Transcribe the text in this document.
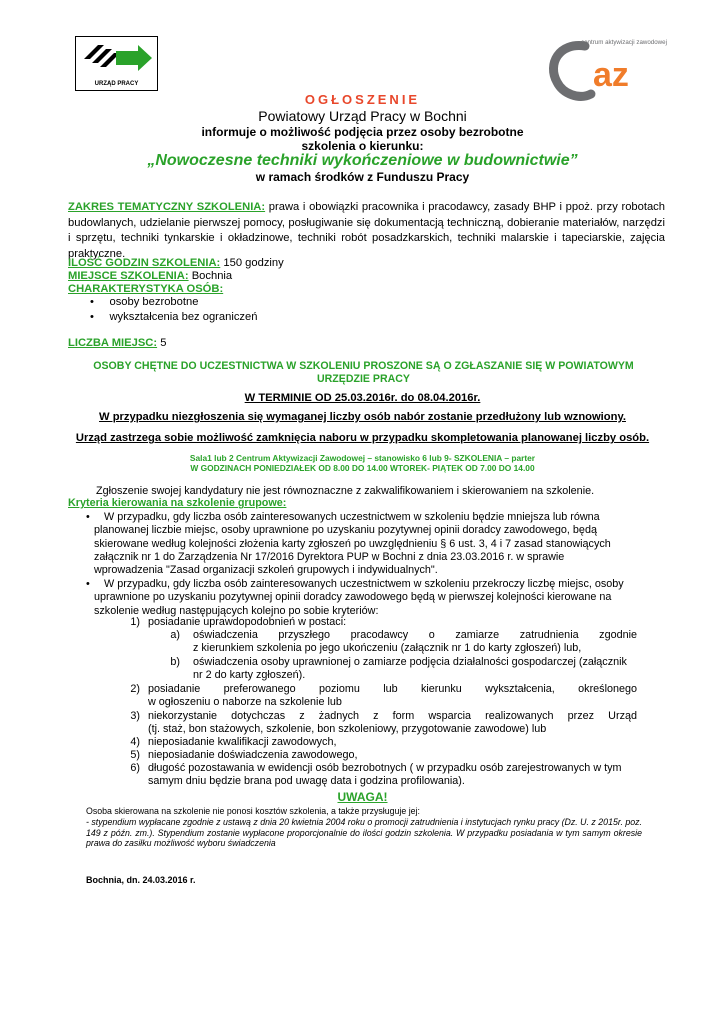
URZĄD PRACY	az
centrum aktywizacji zawodowej
OGŁOSZENIE
Powiatowy Urząd Pracy w Bochni
informuje o możliwość podjęcia przez osoby bezrobotne
szkolenia o kierunku:
„Nowoczesne techniki wykończeniowe w budownictwie”
w ramach środków z Funduszu Pracy
ZAKRES TEMATYCZNY SZKOLENIA: prawa i obowiązki pracownika i pracodawcy, zasady BHP i ppoż. przy robotach budowlanych, udzielanie pierwszej pomocy, posługiwanie się dokumentacją techniczną, dobieranie materiałów, narzędzi i sprzętu, techniki tynkarskie i okładzinowe, techniki robót posadzkarskich, techniki malarskie i tapeciarskie, zajęcia praktyczne.
ILOŚĆ GODZIN SZKOLENIA: 150 godziny
MIEJSCE SZKOLENIA: Bochnia
CHARAKTERYSTYKA OSÓB:
•     osoby bezrobotne
•     wykształcenia bez ograniczeń
LICZBA MIEJSC: 5
OSOBY CHĘTNE DO UCZESTNICTWA W SZKOLENIU PROSZONE SĄ O ZGŁASZANIE SIĘ W POWIATOWYM
URZĘDZIE PRACY
W TERMINIE OD 25.03.2016r. do 08.04.2016r.
W przypadku niezgłoszenia się wymaganej liczby osób nabór zostanie przedłużony lub wznowiony.
Urząd zastrzega sobie możliwość zamknięcia naboru w przypadku skompletowania planowanej liczby osób.
Sala1 lub 2 Centrum Aktywizacji Zawodowej – stanowisko 6 lub 9- SZKOLENIA – parter
W GODZINACH PONIEDZIAŁEK OD 8.00 DO 14.00 WTOREK- PIĄTEK OD 7.00 DO 14.00
Zgłoszenie swojej kandydatury nie jest równoznaczne z zakwalifikowaniem i skierowaniem na szkolenie.
Kryteria kierowania na szkolenie grupowe:
• W przypadku, gdy liczba osób zainteresowanych uczestnictwem w szkoleniu będzie mniejsza lub równa
planowanej liczbie miejsc, osoby uprawnione po uzyskaniu pozytywnej opinii doradcy zawodowego, będą
skierowane według kolejności złożenia karty zgłoszeń po uwzględnieniu § 6 ust. 3, 4 i 7 zasad stanowiących
załącznik nr 1 do Zarządzenia Nr 17/2016 Dyrektora PUP w Bochni z dnia 23.03.2016 r. w sprawie
wprowadzenia "Zasad organizacji szkoleń grupowych i indywidualnych".
• W przypadku, gdy liczba osób zainteresowanych uczestnictwem w szkoleniu przekroczy liczbę miejsc, osoby
uprawnione po uzyskaniu pozytywnej opinii doradcy zawodowego będą w pierwszej kolejności kierowane na
szkolenie według następujących kolejno po sobie kryteriów:
1) posiadanie uprawdopodobnień w postaci:
a) oświadczenia przyszłego pracodawcy o zamiarze zatrudnienia zgodnie
z kierunkiem szkolenia po jego ukończeniu (załącznik nr 1 do karty zgłoszeń) lub,
b) oświadczenia osoby uprawnionej o zamiarze podjęcia działalności gospodarczej (załącznik
nr 2 do karty zgłoszeń).
2) posiadanie preferowanego poziomu lub kierunku wykształcenia, określonego
w ogłoszeniu o naborze na szkolenie lub
3) niekorzystanie dotychczas z żadnych z form wsparcia realizowanych przez Urząd
(tj. staż, bon stażowych, szkolenie, bon szkoleniowy, przygotowanie zawodowe) lub
4) nieposiadanie kwalifikacji zawodowych,
5) nieposiadanie doświadczenia zawodowego,
6) długość pozostawania w ewidencji osób bezrobotnych ( w przypadku osób zarejestrowanych w tym
samym dniu będzie brana pod uwagę data i godzina profilowania).
UWAGA!
Osoba skierowana na szkolenie nie ponosi kosztów szkolenia, a także przysługuje jej:
- stypendium wypłacane zgodnie z ustawą z dnia 20 kwietnia 2004 roku o promocji zatrudnienia i instytucjach rynku pracy (Dz. U. z 2015r. poz. 149 z późn. zm.). Stypendium zostanie wypłacone proporcjonalnie do ilości godzin szkolenia. W przypadku posiadania w tym samym okresie prawa do zasiłku możliwość wyboru świadczenia
Bochnia, dn. 24.03.2016 r.
